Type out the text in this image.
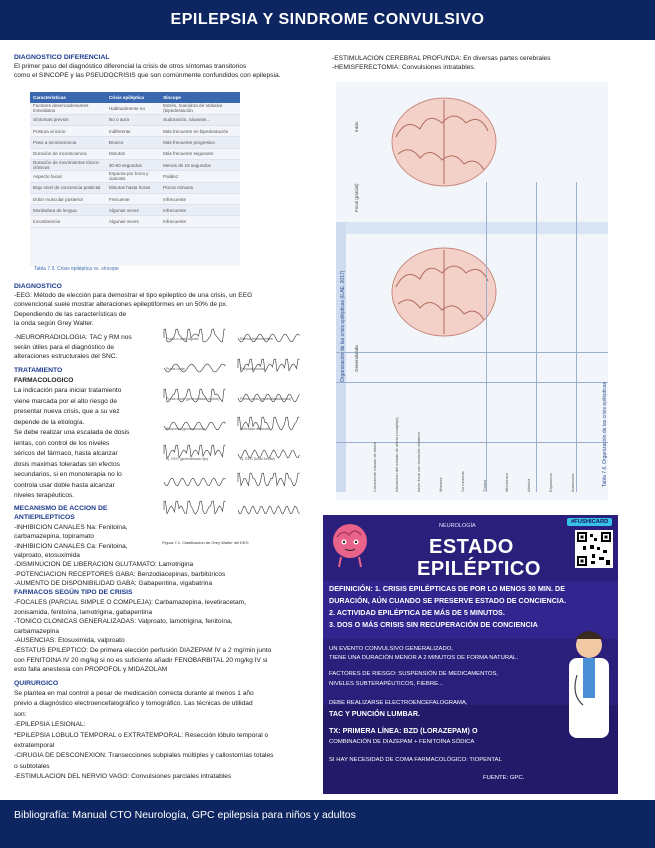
EPILEPSIA Y SINDROME CONVULSIVO
DIAGNOSTICO DIFERENCIAL
El primer paso del diagnóstico diferencial la crisis de otros síntomas transitorios
como el SINCOPE y las PSEUDOCRISIS que son comúnmente confundidos con epilepsia.
Características	Crisis epiléptica	Síncope
Factores desencadenantes inmediatos	Habitualmente no	Estrés, maniobra de Valsalva (bipedestación
Síntomas previos	No o aura	Sudoración, náuseas...
Postura al inicio	Indiferente	Más frecuente en bipedestación
Paso a inconsciencia	Brusco	Más frecuente progresivo
Duración de inconsciencia	Minutos	Más frecuente segundos
Duración de movimientos tónico-clónicos	30-60 segundos	Menos de 15 segundos
Aspecto facial	Espuma por boca y cianosis	Palidez
Bajo nivel de conciencia postictal	Minutos hasta horas	Pocos minutos
Dolor muscular posterior	Frecuente	Infrecuente
Mordedura de lengua	Algunas veces	Infrecuente
Incontinencia	Algunas veces	Infrecuente
Tabla 7.3. Crisis epiléptica vs. síncope
DIAGNOSTICO
-EEG: Método de elección para demostrar el tipo epileptico de una crisis, un EEG
convencional suele mostrar alteraciones epileptiformes en un 50% de px.
Dependiendo de las características de
la onda según Grey Walter.
-NEURORRADIOLOGIA: TAC y RM nos
serán útiles para el diagnóstico de
alteraciones estructurales del SNC.
TRATAMIENTO
FARMACOLOGICO
La indicación para iniciar tratamiento
viene marcada por el alto riesgo de
presentar nueva crisis, que a su vez
depende de la etiología.
Se debe realizar una escalada de dosis
lentas, con control de los niveles
séricos del fármaco, hasta alcanzar
dosis maximas toleradas sin efectos
secundarios, si en monoterapia no lo
controla usar doble hasta alcanzar
niveles terapéuticos.
MECANISMO DE ACCION DE
ANTIEPILEPTICOS
-INHIBICION CANALES Na: Fenitoina,
carbamazepina, topiramato
-INHIBICION CANALES Ca: Fenitoina,
valproato, etosuximida
-DISMINUCION DE LIBERACION GLUTAMATO: Lamotrigina
-POTENCIACION RECEPTORES GABA: Benzodiacepinas, barbitúricos
-AUMENTO DE DISPONIBILIDAD GABA: Gabapentina, vigabatrina
FARMACOS SEGÚN TIPO DE CRISIS
-FOCALES (PARCIAL SIMPLE O COMPLEJA): Carbamazepina, levetiracetam,
zonisamida, fenitoína, lamotrigina, gabapentina
-TONICO CLONICAS GENERALIZADAS: Valproato, lamotrigina, fenitoína,
carbamazepina
-AUSENCIAS: Etosuximida, valproato
-ESTATUS EPILEPTICO: De primera elección perfusión DIAZEPAM IV a 2 mg/min junto
con FENITOINA IV 20 mg/kg si no es suficiente añadir FENOBARBITAL 20 mg/kg IV si
esto falla anestesia con PROPOFOL y MIDAZOLAM
QUIRURGICO
Se plantea en mal control a pesar de medicación correcta durante al menos 1 año
previo a diagnóstico electroencefalográfico y tomográfico. Las técnicas de utilidad
son:
-EPILEPSIA LESIONAL:
*EPILEPSIA LOBULO TEMPORAL o EXTRATEMPORAL: Resección lóbulo temporal o
extratemporal
-CIRUGIA DE DESCONEXION: Transecciones subpiales múltiples y callostomías totales
o subtotales
-ESTIMULACION DEL NERVIO VAGO: Convulsiones parciales intratables
Punta o onda aguda	Ritmos intermitentes
Punta-onda	Polipunta-onda
Punta-onda (generalizada rápida)	Punta-onda (generalizada lenta)
Polipunta (generalizada)	Actividad de fondo
Ej. EEG (generalizado fijo)	Ej. EEG (focal frontal)
Figura 7.1. Clasificación de Grey Walter del EEG
-ESTIMULACION CEREBRAL PROFUNDA: En diversas partes cerebrales
-HEMISFERECTOMIA: Convulsiones intratables.
Organización de las crisis epilépticas (ILAE, 2017)
Tabla 7.6. Organización de las crisis epilépticas
Focal (parcial)
Generalizada
Inicio
Consciente estado de alerta	Afectación del estado de alerta (compleja)	Inicio focal con evolución bilateral	Motoras	No motoras	Tónica	Mioclónica	Atónica	Espasmos	Ausencias
#FUSHICARD
NEUROLOGÍA
ESTADO
EPILÉPTICO
DEFINICIÓN: 1. CRISIS EPILÉPTICAS DE POR LO MENOS 30 MIN. DE
DURACIÓN, AÚN CUANDO SE PRESERVE ESTADO DE CONCIENCIA.
2. ACTIVIDAD EPILÉPTICA DE MÁS DE 5 MINUTOS.
3. DOS O MÁS CRISIS SIN RECUPERACIÓN DE CONCIENCIA
UN EVENTO CONVULSIVO GENERALIZADO,
TIENE UNA DURACIÓN MENOR A 2 MINUTOS DE FORMA NATURAL.
FACTORES DE RIESGO: SUSPENSIÓN DE MEDICAMENTOS,
NIVELES SUBTERAPÉUTICOS, FIEBRE...
DEBE REALIZARSE ELECTROENCEFALOGRAMA,
TAC Y PUNCIÓN LUMBAR.
TX: PRIMERA LÍNEA: BZD (LORAZEPAM) O
COMBINACIÓN DE DIAZEPAM + FENITOÍNA SÓDICA
SI HAY NECESIDAD DE COMA FARMACOLÓGICO: TIOPENTAL
FUENTE: GPC.
Bibliografía: Manual CTO Neurología, GPC epilepsia para niños y adultos
